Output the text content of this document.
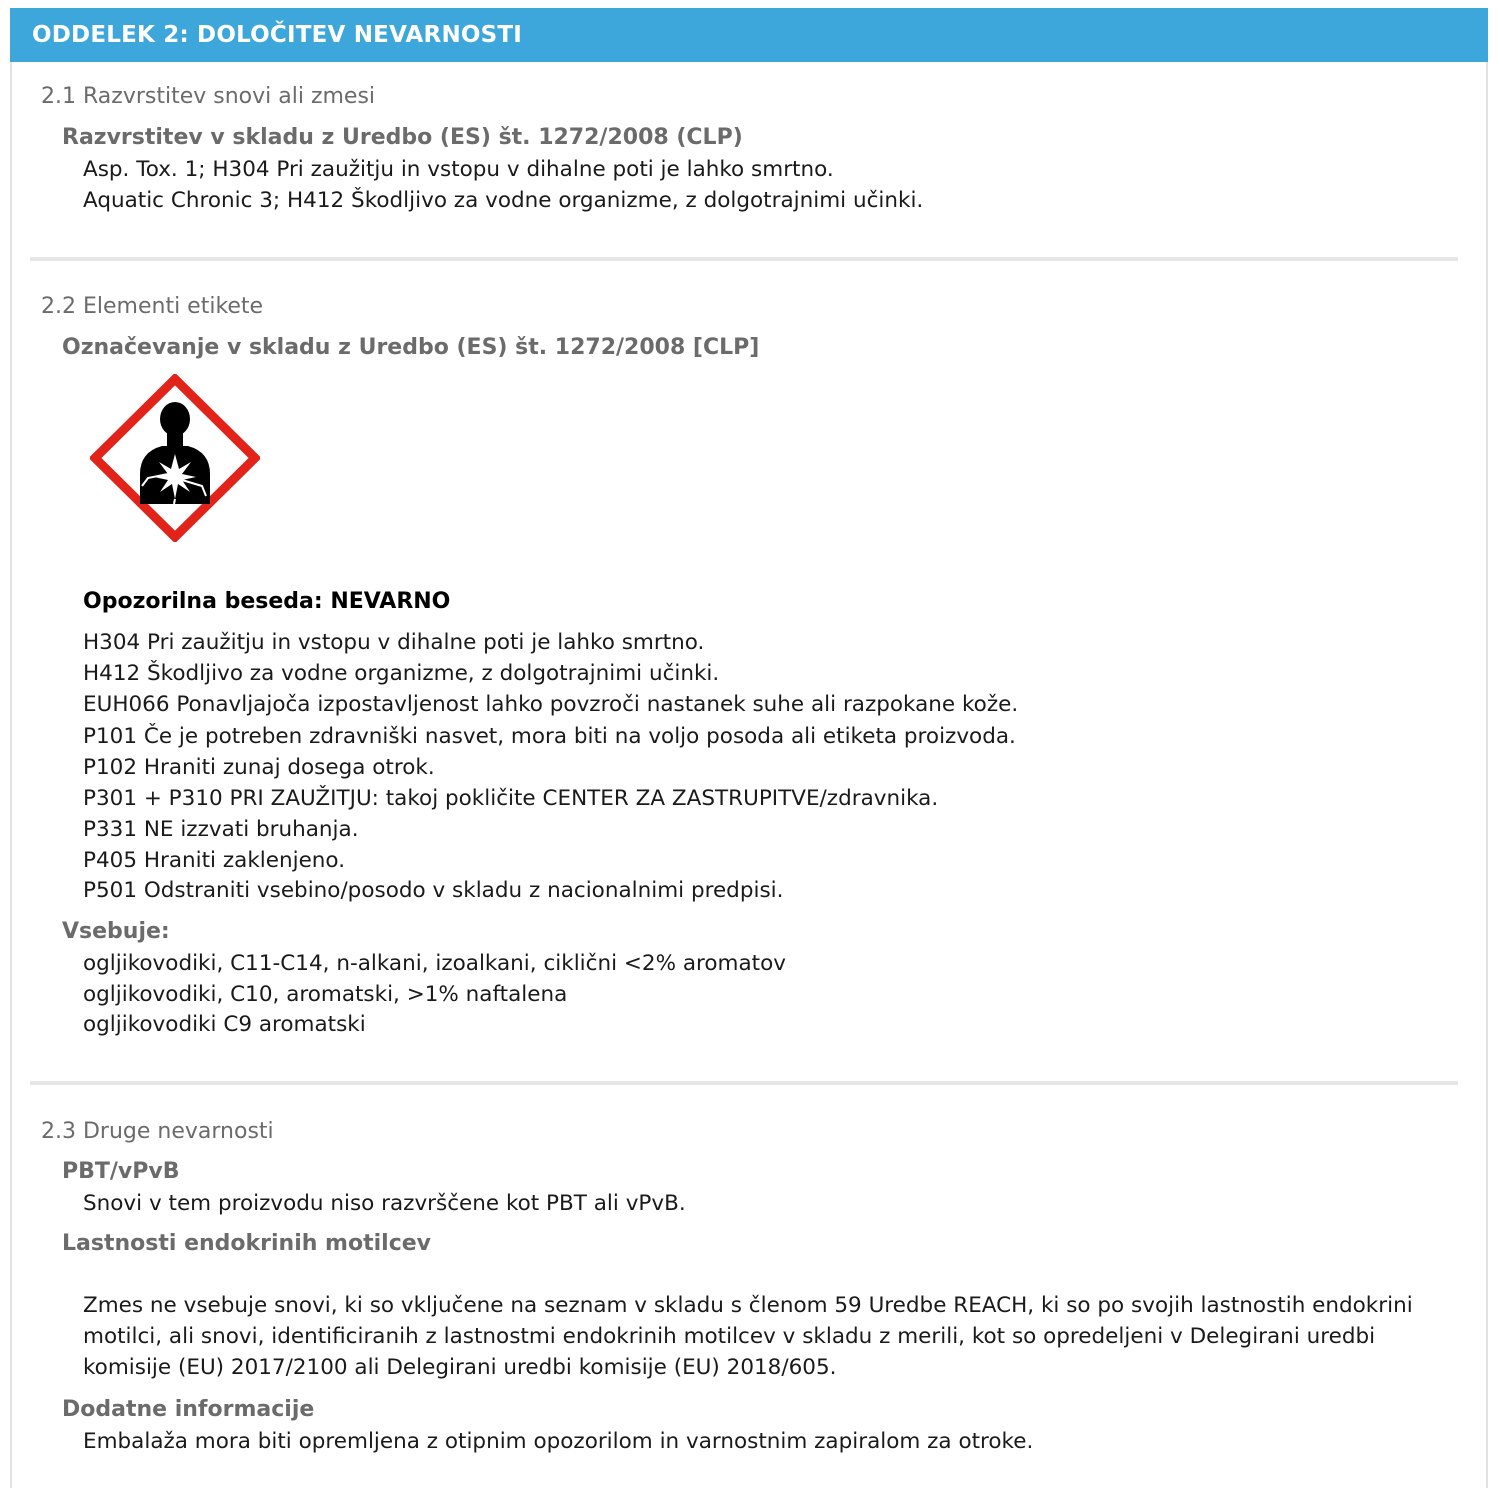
ODDELEK 2: DOLOČITEV NEVARNOSTI
2.1 Razvrstitev snovi ali zmesi
Razvrstitev v skladu z Uredbo (ES) št. 1272/2008 (CLP)
Asp. Tox. 1; H304 Pri zaužitju in vstopu v dihalne poti je lahko smrtno.
Aquatic Chronic 3; H412 Škodljivo za vodne organizme, z dolgotrajnimi učinki.
2.2 Elementi etikete
Označevanje v skladu z Uredbo (ES) št. 1272/2008 [CLP]
Opozorilna beseda: NEVARNO
H304 Pri zaužitju in vstopu v dihalne poti je lahko smrtno.
H412 Škodljivo za vodne organizme, z dolgotrajnimi učinki.
EUH066 Ponavljajoča izpostavljenost lahko povzroči nastanek suhe ali razpokane kože.
P101 Če je potreben zdravniški nasvet, mora biti na voljo posoda ali etiketa proizvoda.
P102 Hraniti zunaj dosega otrok.
P301 + P310 PRI ZAUŽITJU: takoj pokličite CENTER ZA ZASTRUPITVE/zdravnika.
P331 NE izzvati bruhanja.
P405 Hraniti zaklenjeno.
P501 Odstraniti vsebino/posodo v skladu z nacionalnimi predpisi.
Vsebuje:
ogljikovodiki, C11-C14, n-alkani, izoalkani, ciklični <2% aromatov
ogljikovodiki, C10, aromatski, >1% naftalena
ogljikovodiki C9 aromatski
2.3 Druge nevarnosti
PBT/vPvB
Snovi v tem proizvodu niso razvrščene kot PBT ali vPvB.
Lastnosti endokrinih motilcev
Zmes ne vsebuje snovi, ki so vključene na seznam v skladu s členom 59 Uredbe REACH, ki so po svojih lastnostih endokrini motilci, ali snovi, identificiranih z lastnostmi endokrinih motilcev v skladu z merili, kot so opredeljeni v Delegirani uredbi komisije (EU) 2017/2100 ali Delegirani uredbi komisije (EU) 2018/605.
Dodatne informacije
Embalaža mora biti opremljena z otipnim opozorilom in varnostnim zapiralom za otroke.
